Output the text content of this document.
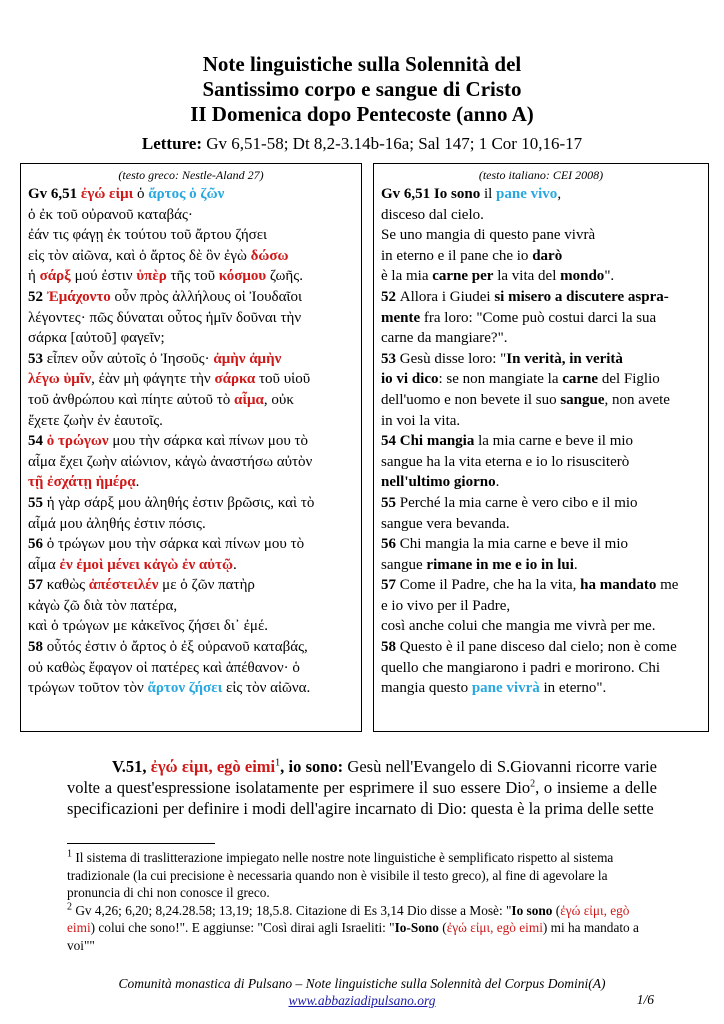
Note linguistiche sulla Solennità del
Santissimo corpo e sangue di Cristo
II Domenica dopo Pentecoste (anno A)
Letture: Gv 6,51-58; Dt 8,2-3.14b-16a; Sal 147; 1 Cor 10,16-17
(testo greco: Nestle-Aland 27)
Gv 6,51 ἐγώ εἰμι ὁ ἄρτος ὁ ζῶν
ὁ ἐκ τοῦ οὐρανοῦ καταβάς·
ἐάν τις φάγῃ ἐκ τούτου τοῦ ἄρτου ζήσει
εἰς τὸν αἰῶνα, καὶ ὁ ἄρτος δὲ ὃν ἐγὼ δώσω
ἡ σάρξ μού ἐστιν ὑπὲρ τῆς τοῦ κόσμου ζωῆς.
52 Ἐμάχοντο οὖν πρὸς ἀλλήλους οἱ Ἰουδαῖοι
λέγοντες· πῶς δύναται οὗτος ἡμῖν δοῦναι τὴν
σάρκα [αὐτοῦ] φαγεῖν;
53 εἶπεν οὖν αὐτοῖς ὁ Ἰησοῦς· ἀμὴν ἀμὴν
λέγω ὑμῖν, ἐὰν μὴ φάγητε τὴν σάρκα τοῦ υἱοῦ
τοῦ ἀνθρώπου καὶ πίητε αὐτοῦ τὸ αἷμα, οὐκ
ἔχετε ζωὴν ἐν ἑαυτοῖς.
54 ὁ τρώγων μου τὴν σάρκα καὶ πίνων μου τὸ
αἷμα ἔχει ζωὴν αἰώνιον, κἀγὼ ἀναστήσω αὐτὸν
τῇ ἐσχάτῃ ἡμέρᾳ.
55 ἡ γὰρ σάρξ μου ἀληθής ἐστιν βρῶσις, καὶ τὸ
αἷμά μου ἀληθής ἐστιν πόσις.
56 ὁ τρώγων μου τὴν σάρκα καὶ πίνων μου τὸ
αἷμα ἐν ἐμοὶ μένει κἀγὼ ἐν αὐτῷ.
57 καθὼς ἀπέστειλέν με ὁ ζῶν πατὴρ
κἀγὼ ζῶ διὰ τὸν πατέρα,
καὶ ὁ τρώγων με κἀκεῖνος ζήσει δι᾽ ἐμέ.
58 οὗτός ἐστιν ὁ ἄρτος ὁ ἐξ οὐρανοῦ καταβάς,
οὐ καθὼς ἔφαγον οἱ πατέρες καὶ ἀπέθανον· ὁ
τρώγων τοῦτον τὸν ἄρτον ζήσει εἰς τὸν αἰῶνα.
(testo italiano: CEI 2008)
Gv 6,51 Io sono il pane vivo,
disceso dal cielo.
Se uno mangia di questo pane vivrà
in eterno e il pane che io darò
è la mia carne per la vita del mondo".
52 Allora i Giudei si misero a discutere aspra-
mente fra loro: "Come può costui darci la sua
carne da mangiare?".
53 Gesù disse loro: "In verità, in verità
io vi dico: se non mangiate la carne del Figlio
dell'uomo e non bevete il suo sangue, non avete
in voi la vita.
54 Chi mangia la mia carne e beve il mio
sangue ha la vita eterna e io lo risusciterò
nell'ultimo giorno.
55 Perché la mia carne è vero cibo e il mio
sangue vera bevanda.
56 Chi mangia la mia carne e beve il mio
sangue rimane in me e io in lui.
57 Come il Padre, che ha la vita, ha mandato me
e io vivo per il Padre,
così anche colui che mangia me vivrà per me.
58 Questo è il pane disceso dal cielo; non è come
quello che mangiarono i padri e morirono. Chi
mangia questo pane vivrà in eterno".
V.51, ἐγώ εἰμι, egò eimi$^1$, io sono: Gesù nell'Evangelo di S.Giovanni ricorre varie volte a quest'espressione isolatamente per esprimere il suo essere Dio$^2$, o insieme a delle specificazioni per definire i modi dell'agire incarnato di Dio: questa è la prima delle sette

$^1$ Il sistema di traslitterazione impiegato nelle nostre note linguistiche è semplificato rispetto al sistema tradizionale (la cui precisione è necessaria quando non è visibile il testo greco), al fine di agevolare la pronuncia di chi non conosce il greco.

$^2$ Gv 4,26; 6,20; 8,24.28.58; 13,19; 18,5.8. Citazione di Es 3,14 Dio disse a Mosè: "Io sono (ἐγώ εἰμι, egò eimi) colui che sono!". E aggiunse: "Così dirai agli Israeliti: "Io-Sono (ἐγώ εἰμι, egò eimi) mi ha mandato a voi""

Comunità monastica di Pulsano – Note linguistiche sulla Solennità del Corpus Domini(A)
www.abbaziadipulsano.org	1/6
